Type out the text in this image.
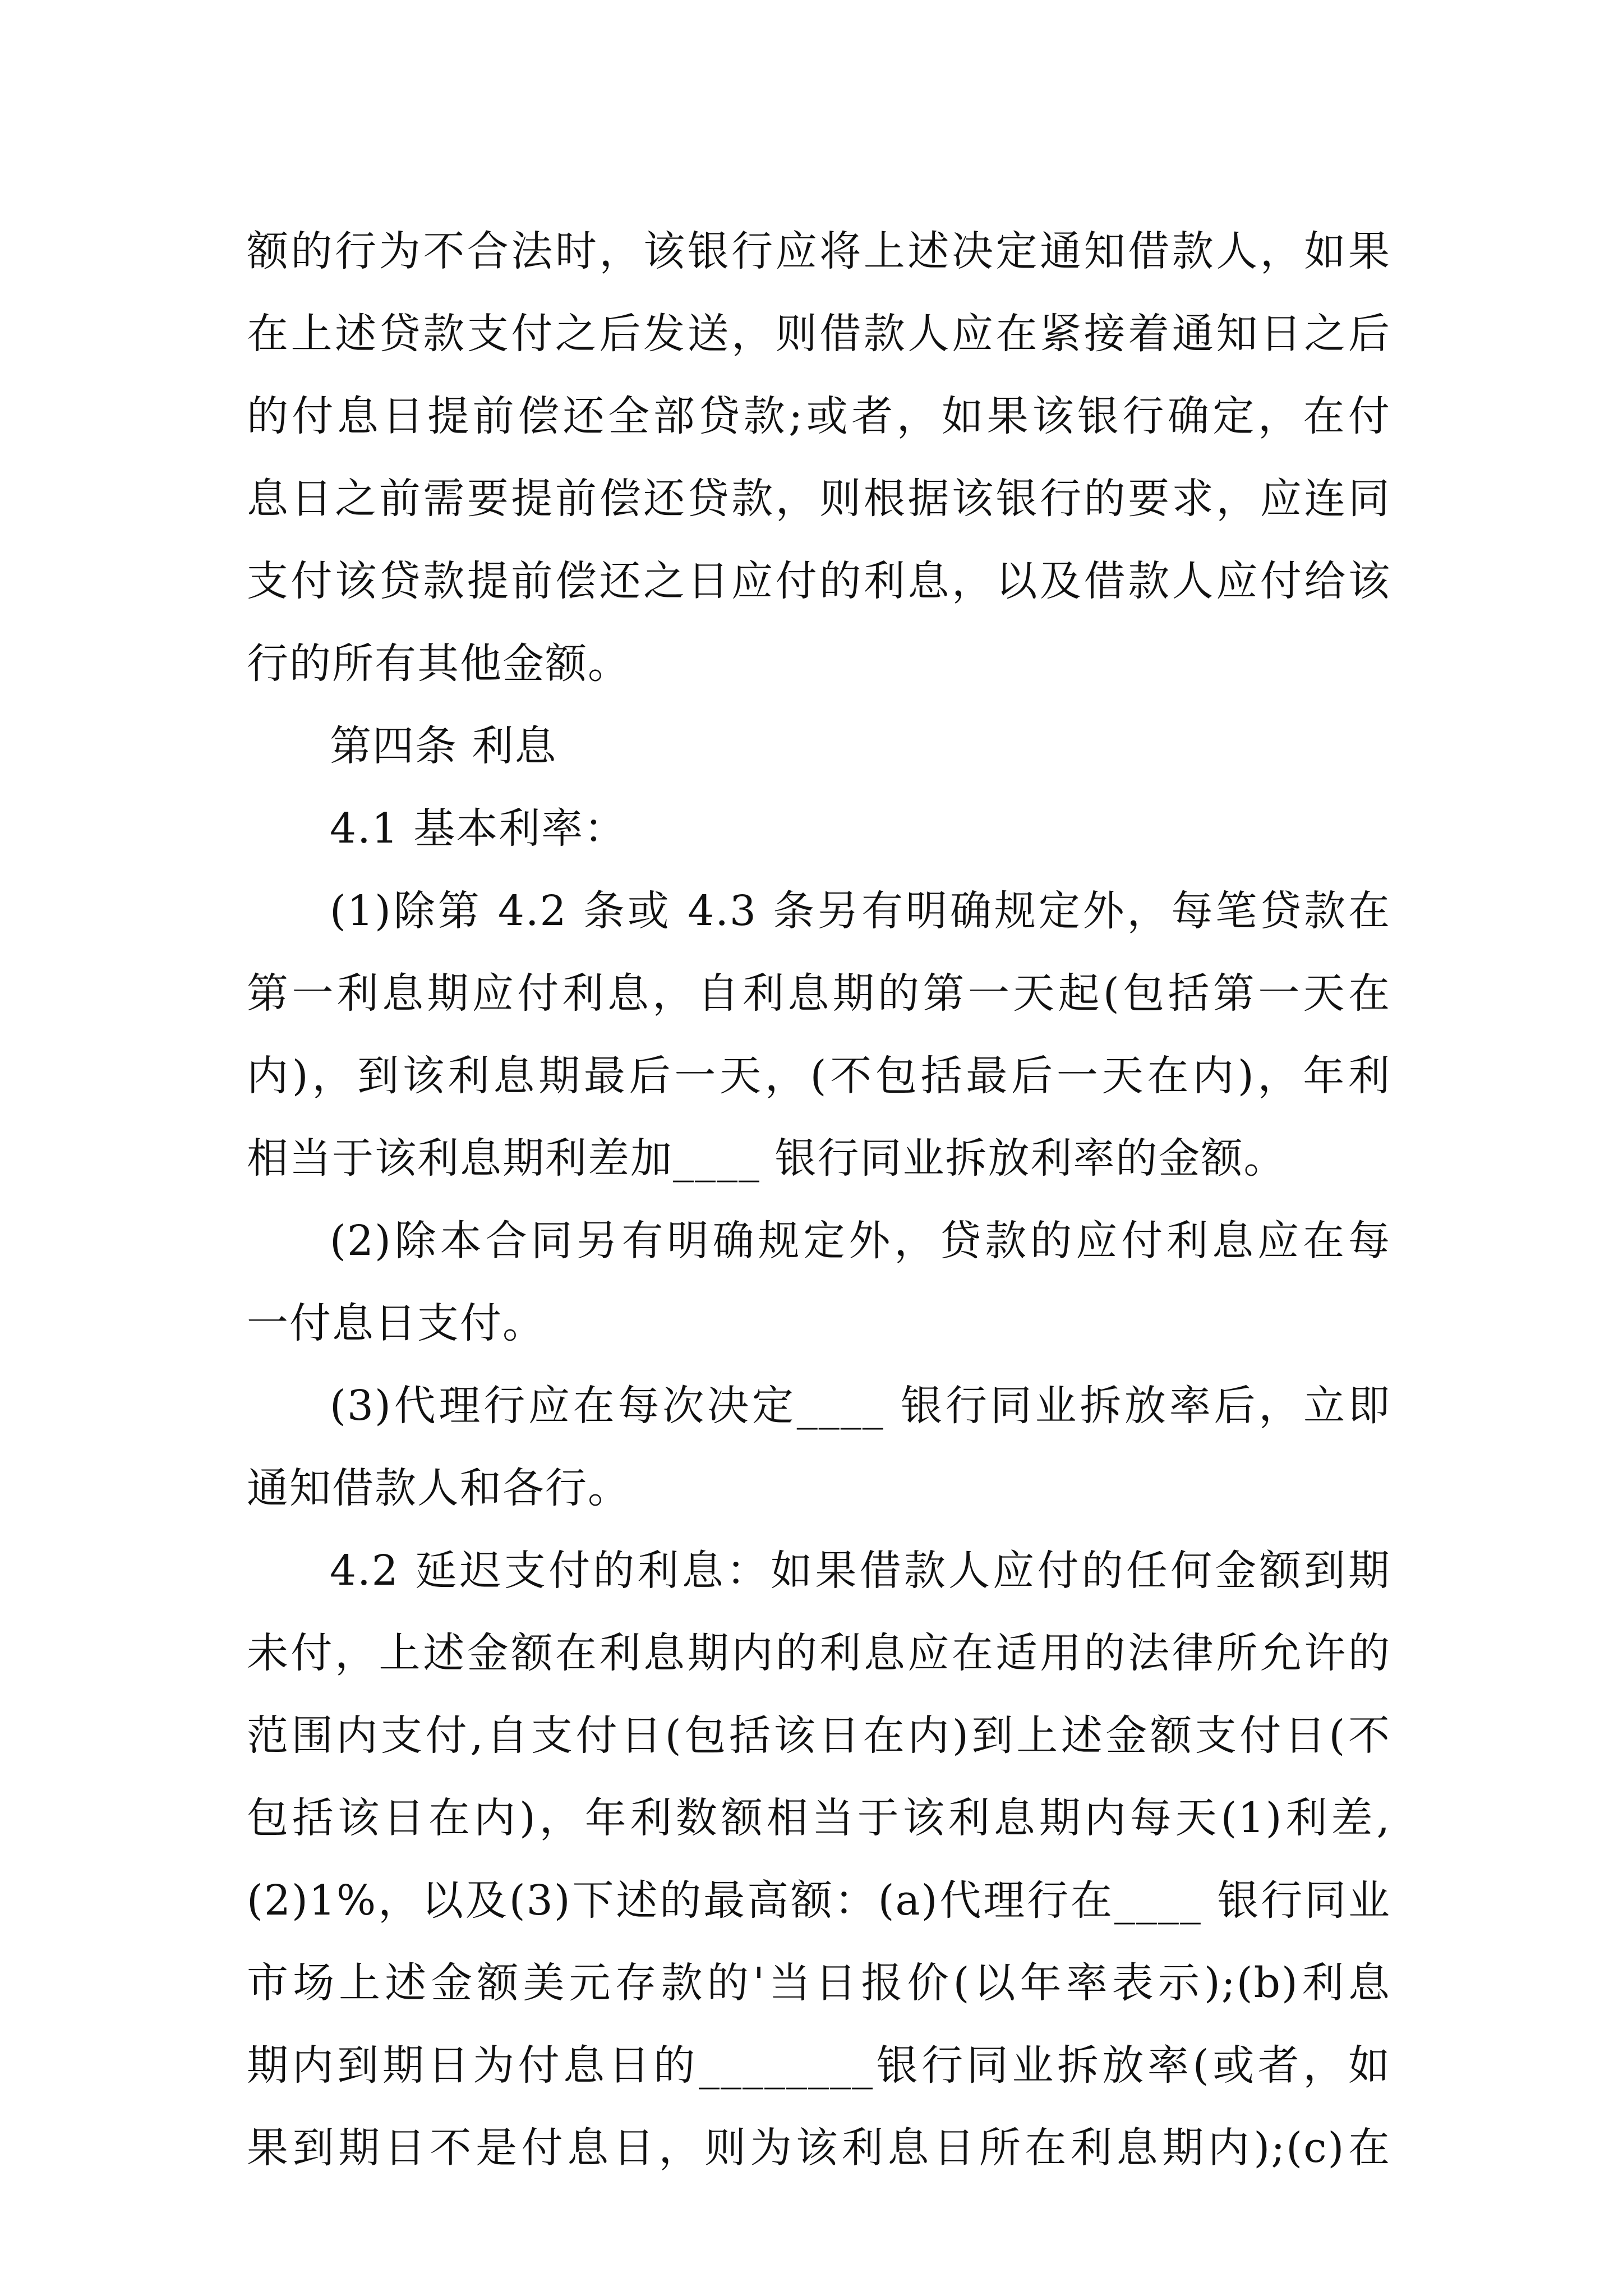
额的行为不合法时，该银行应将上述决定通知借款人，如果
在上述贷款支付之后发送，则借款人应在紧接着通知日之后
的付息日提前偿还全部贷款;或者，如果该银行确定，在付
息日之前需要提前偿还贷款，则根据该银行的要求，应连同
支付该贷款提前偿还之日应付的利息，以及借款人应付给该
行的所有其他金额。
第四条 利息
4.1 基本利率：
(1)除第 4.2 条或 4.3 条另有明确规定外，每笔贷款在
第一利息期应付利息，自利息期的第一天起(包括第一天在
内)，到该利息期最后一天，(不包括最后一天在内)，年利
相当于该利息期利差加____ 银行同业拆放利率的金额。
(2)除本合同另有明确规定外，贷款的应付利息应在每
一付息日支付。
(3)代理行应在每次决定____ 银行同业拆放率后，立即
通知借款人和各行。
4.2 延迟支付的利息：如果借款人应付的任何金额到期
未付，上述金额在利息期内的利息应在适用的法律所允许的
范围内支付,自支付日(包括该日在内)到上述金额支付日(不
包括该日在内)，年利数额相当于该利息期内每天(1)利差,
(2)1%，以及(3)下述的最高额：(a)代理行在____ 银行同业
市场上述金额美元存款的'当日报价(以年率表示);(b)利息
期内到期日为付息日的________银行同业拆放率(或者，如
果到期日不是付息日，则为该利息日所在利息期内);(c)在
